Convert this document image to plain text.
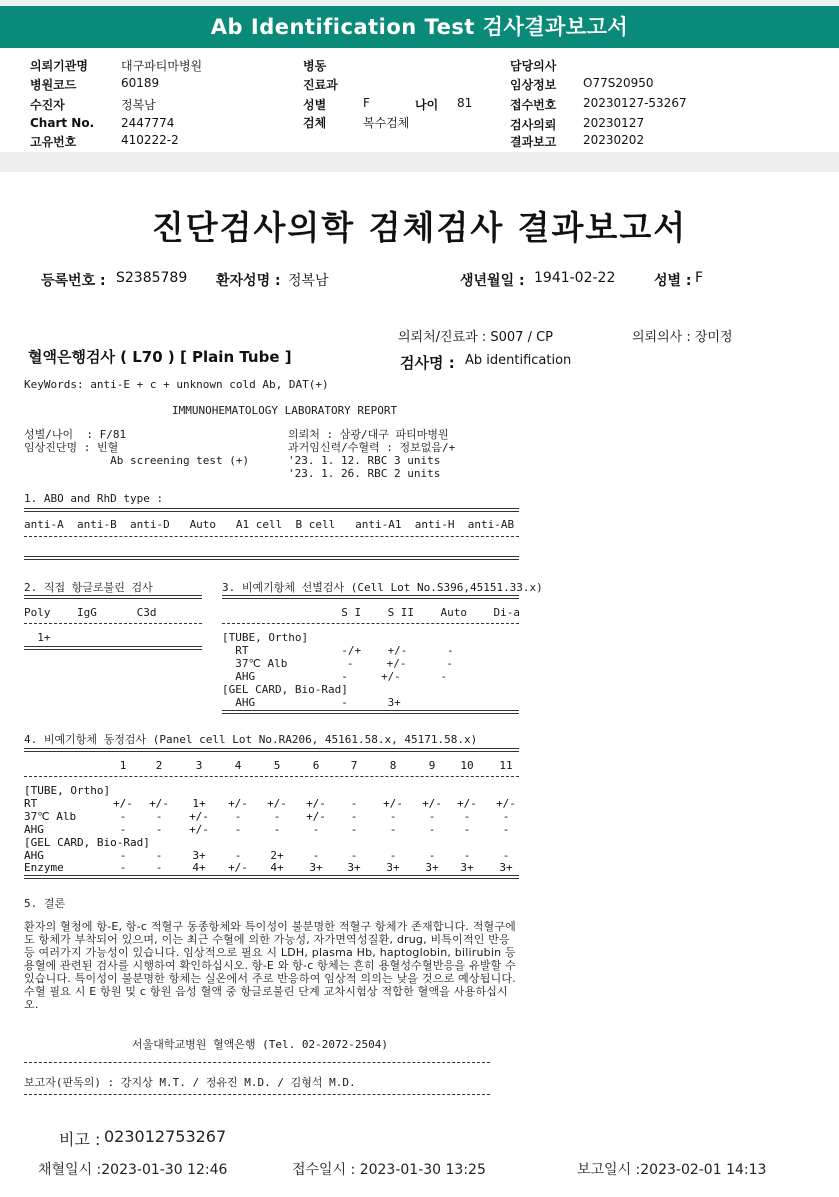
Ab Identification Test 검사결과보고서
의뢰기관명	대구파티마병원
병원코드	60189
수진자	정복남
Chart No. 2447774
고유번호	410222-2
병동
진료과
성별	F	나이 81
검체	복수검체
담당의사
임상정보 O77S20950
접수번호 20230127-53267
검사의뢰 20230127
결과보고 20230202
진단검사의학 검체검사 결과보고서
등록번호 : S2385789 환자성명 : 정복남	생년월일 : 1941-02-22	성별 : F
의뢰처/진료과 : S007 / CP	의뢰의사 : 장미정
혈액은행검사 ( L70 ) [ Plain Tube ]	검사명 : Ab identification
KeyWords: anti-E + c + unknown cold Ab, DAT(+)
IMMUNOHEMATOLOGY LABORATORY REPORT
성별/나이  : F/81
임상진단명 : 빈혈
Ab screening test (+)
의뢰처 : 삼광/대구 파티마병원
과거임신력/수혈력 : 정보없음/+
'23. 1. 12. RBC 3 units
'23. 1. 26. RBC 2 units
1. ABO and RhD type :
anti-A  anti-B  anti-D   Auto   A1 cell  B cell   anti-A1  anti-H  anti-AB
2. 직접 항글로불린 검사
Poly    IgG      C3d
1+
3. 비예기항체 선별검사 (Cell Lot No.S396,45151.33.x)
S I    S II    Auto    Di-a
[TUBE, Ortho]
RT              -/+    +/-      -
37℃ Alb         -     +/-      -
AHG             -     +/-      -
[GEL CARD, Bio-Rad]
AHG             -      3+
4. 비예기항체 동정검사 (Panel cell Lot No.RA206, 45161.58.x, 45171.58.x)
1	2	3	4	5	6	7	8	9	10	11
[TUBE, Ortho]
RT	+/-	+/-	1+	+/-	+/-	+/-	-	+/-	+/-	+/-	+/-
37℃ Alb	-	-	+/-	-	-	+/-	-	-	-	-	-
AHG	-	-	+/-	-	-	-	-	-	-	-	-
[GEL CARD, Bio-Rad]
AHG	-	-	3+	-	2+	-	-	-	-	-	-
Enzyme	-	-	4+	+/-	4+	3+	3+	3+	3+	3+	3+
5. 결론
환자의 혈청에 항-E, 항-c 적혈구 동종항체와 특이성이 불분명한 적혈구 항체가 존재합니다. 적혈구에도 항체가 부착되어 있으며, 이는 최근 수혈에 의한 가능성, 자가면역성질환, drug, 비특이적인 반응 등 여러가지 가능성이 있습니다. 임상적으로 필요 시 LDH, plasma Hb, haptoglobin, bilirubin 등 용혈에 관련된 검사를 시행하여 확인하십시오. 항-E 와 항-c 항체는 흔히 용혈성수혈반응을 유발할 수 있습니다. 특이성이 불분명한 항체는 실온에서 주로 반응하여 임상적 의의는 낮을 것으로 예상됩니다.수혈 필요 시 E 항원 및 c 항원 음성 혈액 중 항글로불린 단계 교차시험상 적합한 혈액을 사용하십시오.
서울대학교병원 혈액은행 (Tel. 02-2072-2504)
보고자(판독의) : 강지상 M.T. / 정유진 M.D. / 김형석 M.D.
비고 : 023012753267
채혈일시 :2023-01-30 12:46	접수일시 : 2023-01-30 13:25	보고일시 :2023-02-01 14:13
